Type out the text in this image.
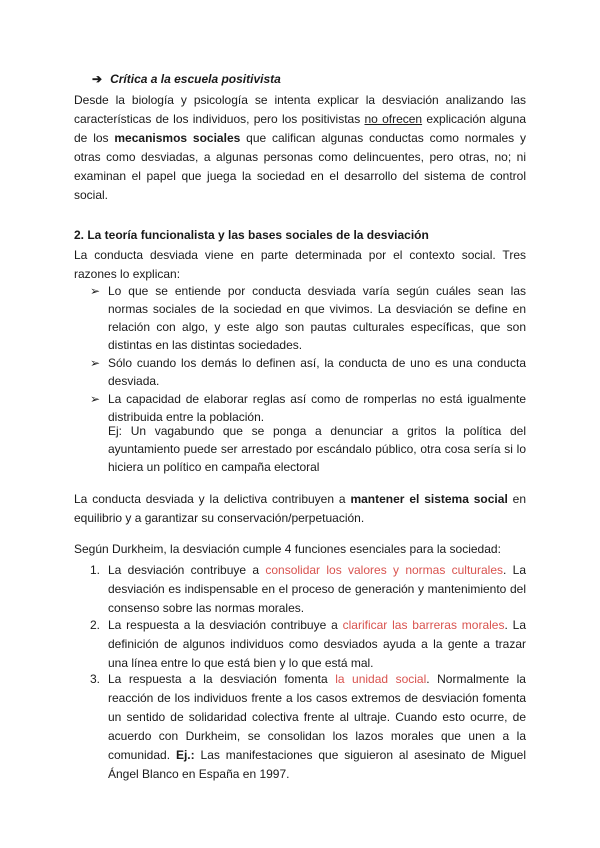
➔ Crítica a la escuela positivista
Desde la biología y psicología se intenta explicar la desviación analizando las características de los individuos, pero los positivistas no ofrecen explicación alguna de los mecanismos sociales que califican algunas conductas como normales y otras como desviadas, a algunas personas como delincuentes, pero otras, no; ni examinan el papel que juega la sociedad en el desarrollo del sistema de control social.
2. La teoría funcionalista y las bases sociales de la desviación
La conducta desviada viene en parte determinada por el contexto social. Tres razones lo explican:
➢ Lo que se entiende por conducta desviada varía según cuáles sean las normas sociales de la sociedad en que vivimos. La desviación se define en relación con algo, y este algo son pautas culturales específicas, que son distintas en las distintas sociedades.
➢ Sólo cuando los demás lo definen así, la conducta de uno es una conducta desviada.
➢ La capacidad de elaborar reglas así como de romperlas no está igualmente distribuida entre la población.
Ej: Un vagabundo que se ponga a denunciar a gritos la política del ayuntamiento puede ser arrestado por escándalo público, otra cosa sería si lo hiciera un político en campaña electoral
La conducta desviada y la delictiva contribuyen a mantener el sistema social en equilibrio y a garantizar su conservación/perpetuación.
Según Durkheim, la desviación cumple 4 funciones esenciales para la sociedad:
1. La desviación contribuye a consolidar los valores y normas culturales. La desviación es indispensable en el proceso de generación y mantenimiento del consenso sobre las normas morales.
2. La respuesta a la desviación contribuye a clarificar las barreras morales. La definición de algunos individuos como desviados ayuda a la gente a trazar una línea entre lo que está bien y lo que está mal.
3. La respuesta a la desviación fomenta la unidad social. Normalmente la reacción de los individuos frente a los casos extremos de desviación fomenta un sentido de solidaridad colectiva frente al ultraje. Cuando esto ocurre, de acuerdo con Durkheim, se consolidan los lazos morales que unen a la comunidad. Ej.: Las manifestaciones que siguieron al asesinato de Miguel Ángel Blanco en España en 1997.
